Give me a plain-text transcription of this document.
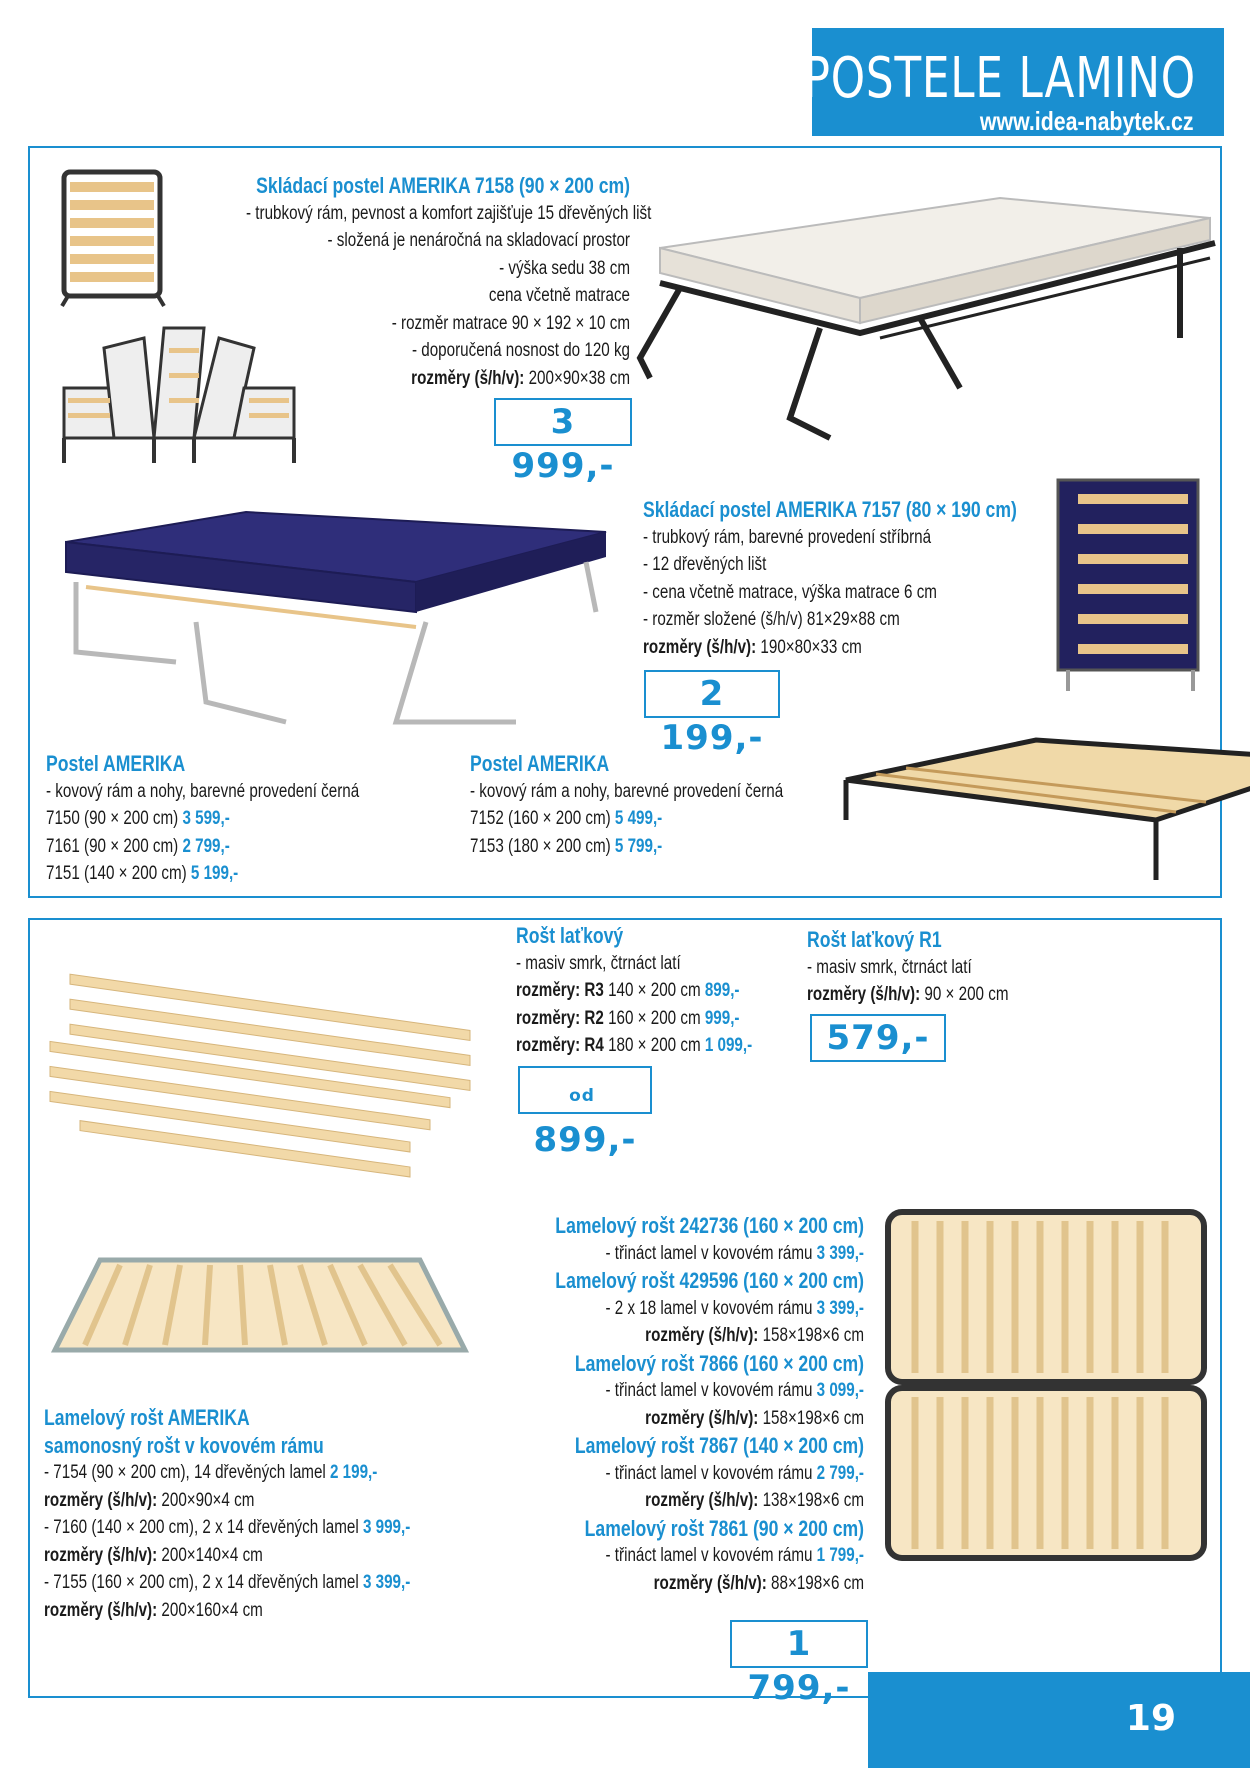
POSTELE LAMINO
www.idea-nabytek.cz
Skládací postel AMERIKA 7158 (90 × 200 cm)
- trubkový rám, pevnost a komfort zajišťuje 15 dřevěných lišt
- složená je nenáročná na skladovací prostor
- výška sedu 38 cm
cena včetně matrace
- rozměr matrace 90 × 192 × 10 cm
- doporučená nosnost do 120 kg
rozměry (š/h/v): 200×90×38 cm
3 999,-
Skládací postel AMERIKA 7157 (80 × 190 cm)
- trubkový rám, barevné provedení stříbrná
- 12 dřevěných lišt
- cena včetně matrace, výška matrace 6 cm
- rozměr složené (š/h/v) 81×29×88 cm
rozměry (š/h/v): 190×80×33 cm
2 199,-
Postel AMERIKA
- kovový rám a nohy, barevné provedení černá
7150 (90 × 200 cm) 3 599,-
7161 (90 × 200 cm) 2 799,-
7151 (140 × 200 cm) 5 199,-
Postel AMERIKA
- kovový rám a nohy, barevné provedení černá
7152 (160 × 200 cm) 5 499,-
7153 (180 × 200 cm) 5 799,-
Rošt laťkový
- masiv smrk, čtrnáct latí
rozměry: R3 140 × 200 cm 899,-
rozměry: R2 160 × 200 cm 999,-
rozměry: R4 180 × 200 cm 1 099,-
od899,-
Rošt laťkový R1
- masiv smrk, čtrnáct latí
rozměry (š/h/v): 90 × 200 cm
579,-
Lamelový rošt AMERIKA
samonosný rošt v kovovém rámu
- 7154 (90 × 200 cm), 14 dřevěných lamel 2 199,-
rozměry (š/h/v): 200×90×4 cm
- 7160 (140 × 200 cm), 2 x 14 dřevěných lamel 3 999,-
rozměry (š/h/v): 200×140×4 cm
- 7155 (160 × 200 cm), 2 x 14 dřevěných lamel 3 399,-
rozměry (š/h/v): 200×160×4 cm
Lamelový rošt 242736 (160 × 200 cm)
- třináct lamel v kovovém rámu 3 399,-
Lamelový rošt 429596 (160 × 200 cm)
- 2 x 18 lamel v kovovém rámu 3 399,-
rozměry (š/h/v): 158×198×6 cm
Lamelový rošt 7866 (160 × 200 cm)
- třináct lamel v kovovém rámu 3 099,-
rozměry (š/h/v): 158×198×6 cm
Lamelový rošt 7867 (140 × 200 cm)
- třináct lamel v kovovém rámu 2 799,-
rozměry (š/h/v): 138×198×6 cm
Lamelový rošt 7861 (90 × 200 cm)
- třináct lamel v kovovém rámu 1 799,-
rozměry (š/h/v): 88×198×6 cm
1 799,-
19
